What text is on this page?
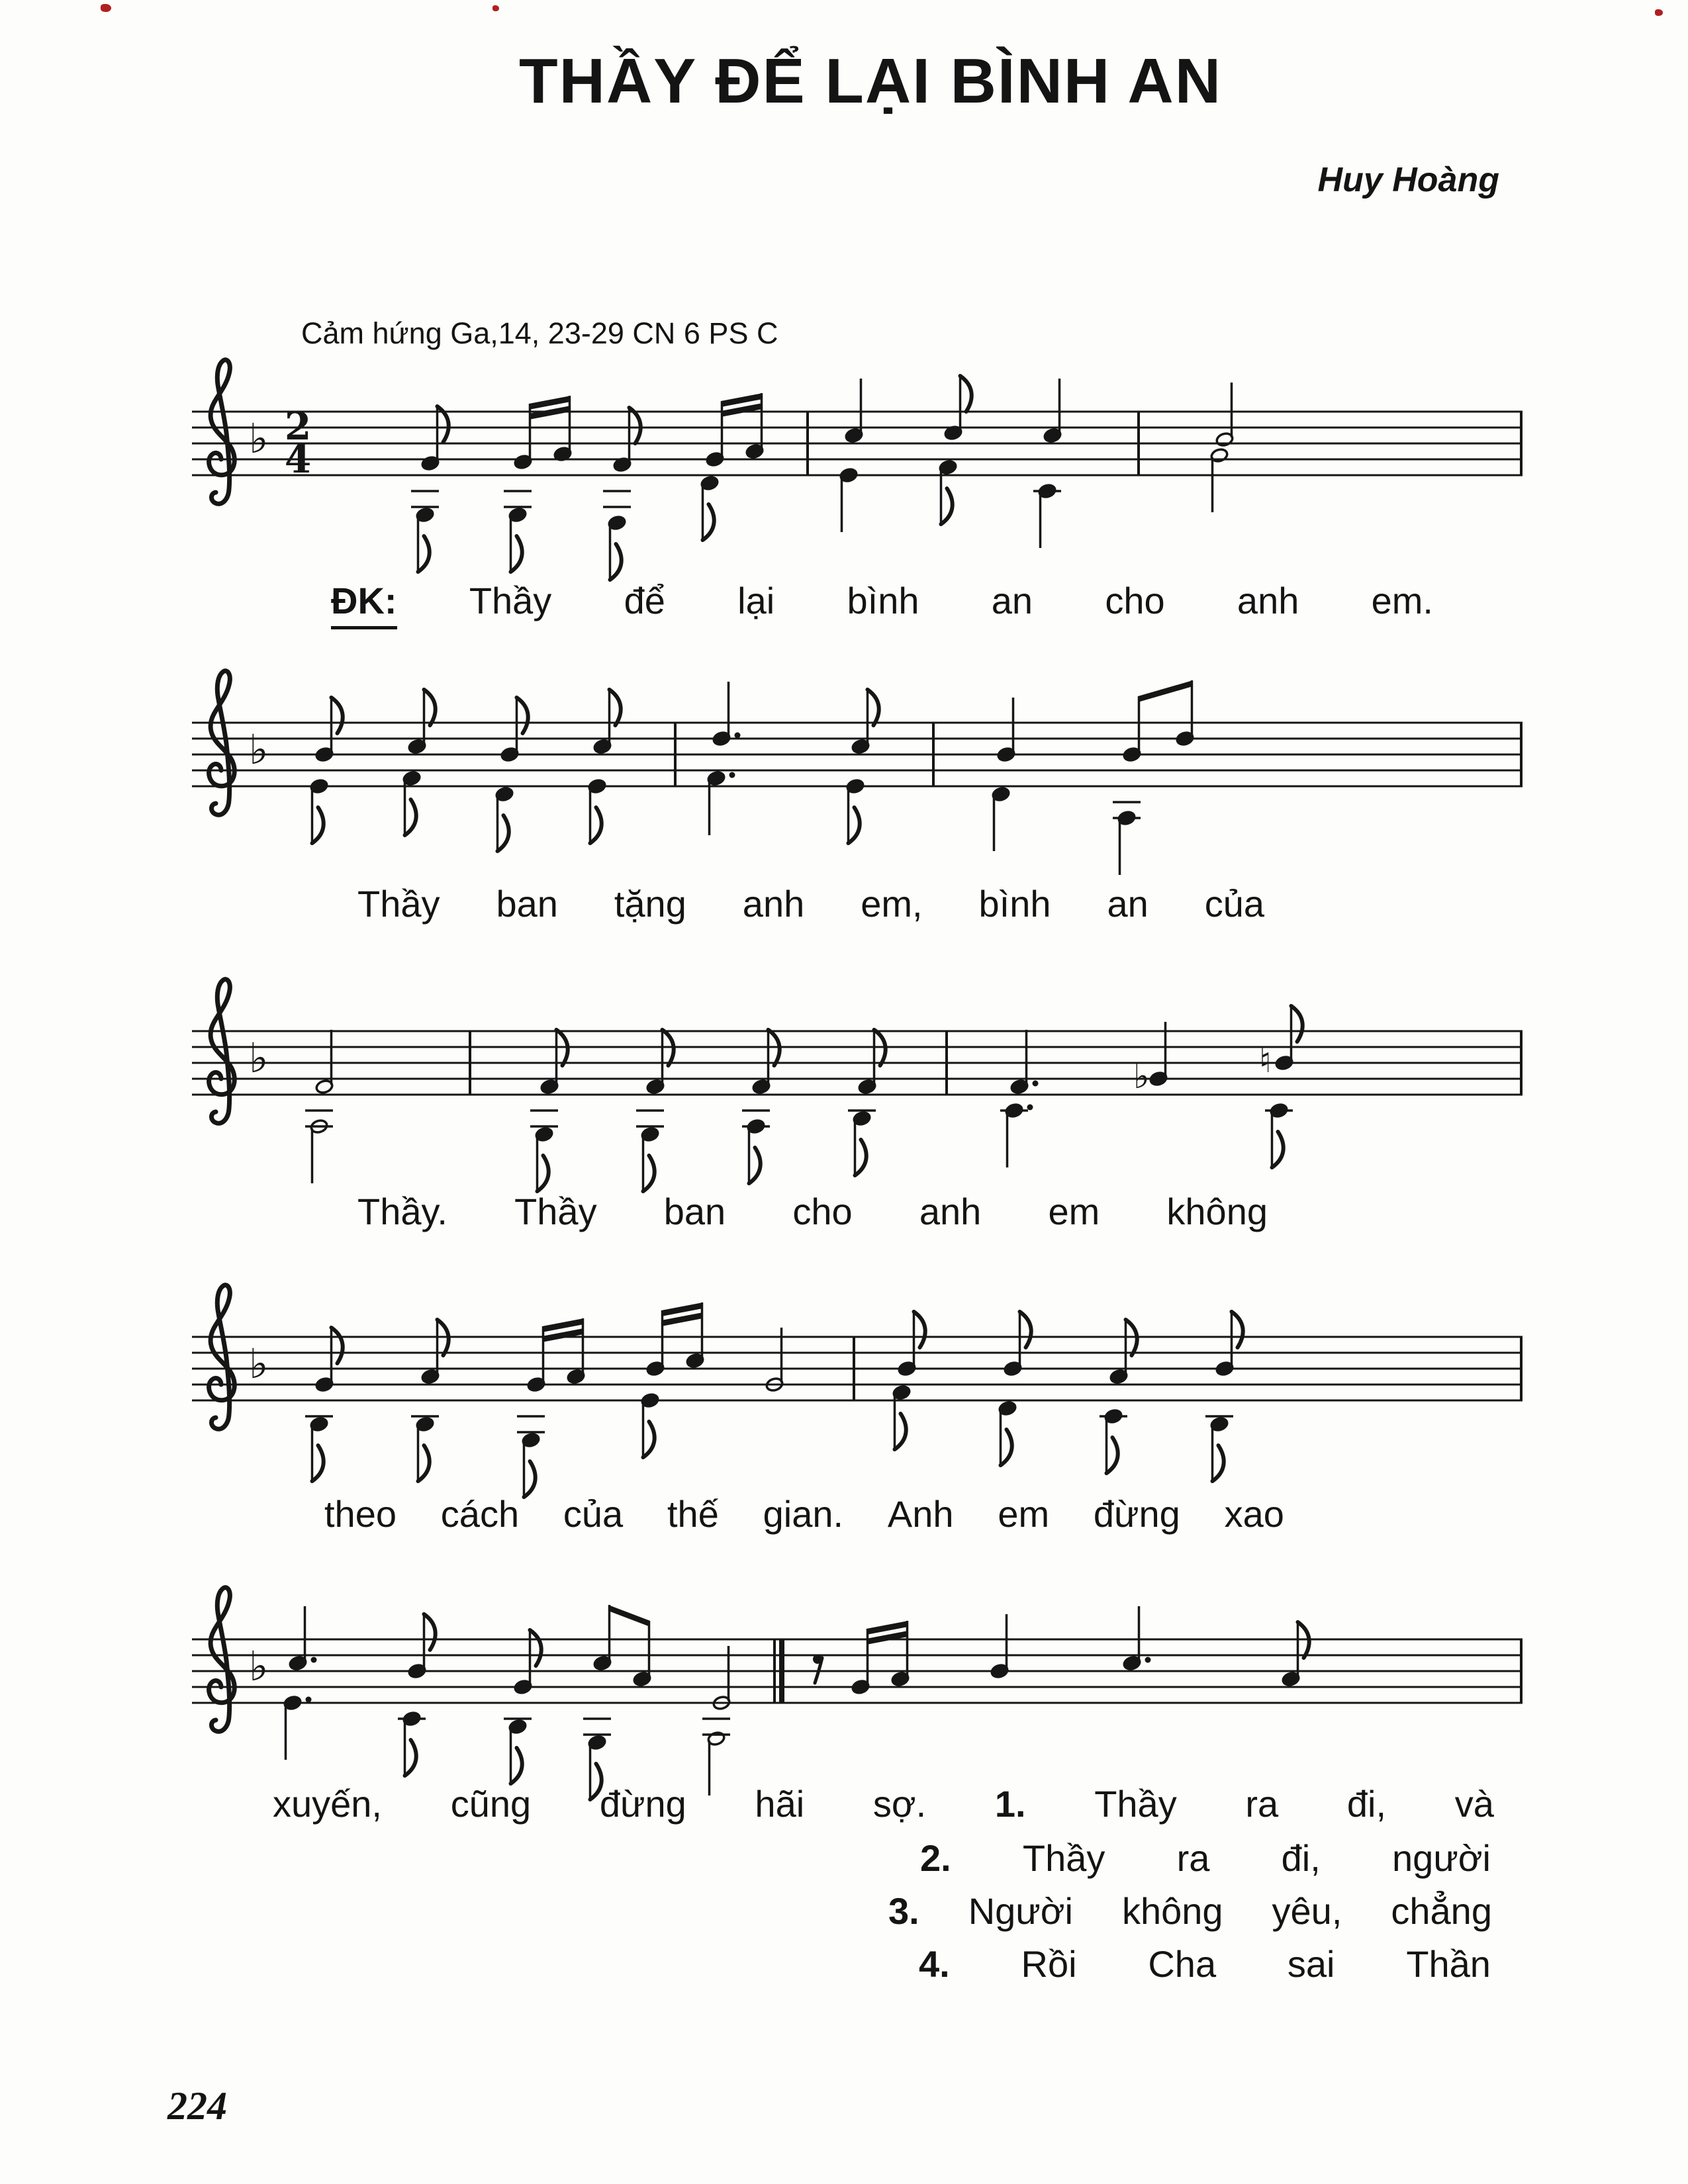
THẦY ĐỂ LẠI BÌNH AN
Huy Hoàng
Cảm hứng Ga,14, 23-29 CN 6 PS C
♭ 2
4
ĐK: Thầy để lại bình an cho anh em.
♭
Thầy ban tặng anh em, bình an của
♭	♭	♮
Thầy. Thầy ban cho anh em không
♭
theo cách của thế gian. Anh em đừng xao
♭
xuyến, cũng đừng hãi sợ. 1. Thầy ra đi, và
2. Thầy ra đi, người
3. Người không yêu, chẳng
4. Rồi Cha sai Thần
224
